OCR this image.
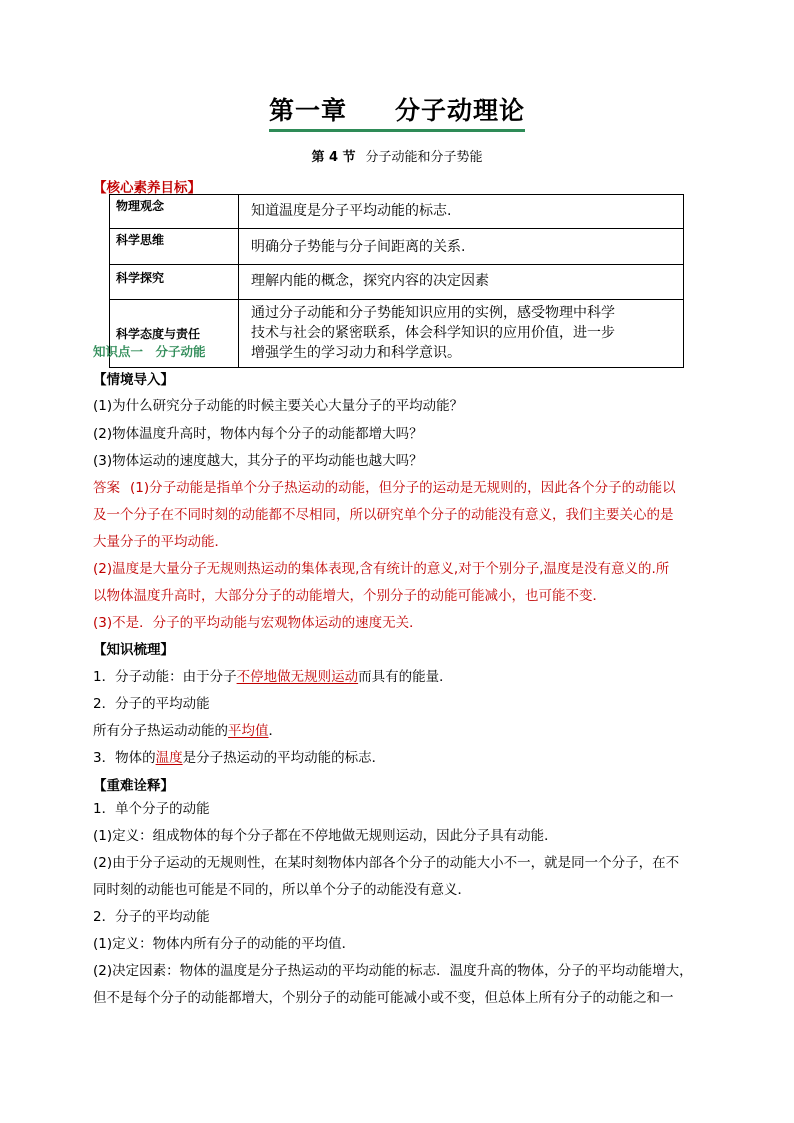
第一章 分子动理论
第 4 节 分子动能和分子势能
【核心素养目标】
物理观念	知道温度是分子平均动能的标志.
科学思维	明确分子势能与分子间距离的关系.
科学探究	理解内能的概念，探究内容的决定因素
科学态度与责任	通过分子动能和分子势能知识应用的实例，感受物理中科学
技术与社会的紧密联系，体会科学知识的应用价值，进一步
增强学生的学习动力和科学意识。
知识点一　分子动能
【情境导入】
(1)为什么研究分子动能的时候主要关心大量分子的平均动能？
(2)物体温度升高时，物体内每个分子的动能都增大吗？
(3)物体运动的速度越大，其分子的平均动能也越大吗？
答案 (1)分子动能是指单个分子热运动的动能，但分子的运动是无规则的，因此各个分子的动能以
及一个分子在不同时刻的动能都不尽相同，所以研究单个分子的动能没有意义，我们主要关心的是
大量分子的平均动能．
(2)温度是大量分子无规则热运动的集体表现,含有统计的意义,对于个别分子,温度是没有意义的.所
以物体温度升高时，大部分分子的动能增大，个别分子的动能可能减小，也可能不变．
(3)不是．分子的平均动能与宏观物体运动的速度无关．
【知识梳理】
1．分子动能：由于分子不停地做无规则运动而具有的能量．
2．分子的平均动能
所有分子热运动动能的平均值．
3．物体的温度是分子热运动的平均动能的标志．
【重难诠释】
1．单个分子的动能
(1)定义：组成物体的每个分子都在不停地做无规则运动，因此分子具有动能．
(2)由于分子运动的无规则性，在某时刻物体内部各个分子的动能大小不一，就是同一个分子，在不
同时刻的动能也可能是不同的，所以单个分子的动能没有意义．
2．分子的平均动能
(1)定义：物体内所有分子的动能的平均值．
(2)决定因素：物体的温度是分子热运动的平均动能的标志．温度升高的物体，分子的平均动能增大，
但不是每个分子的动能都增大，个别分子的动能可能减小或不变，但总体上所有分子的动能之和一
